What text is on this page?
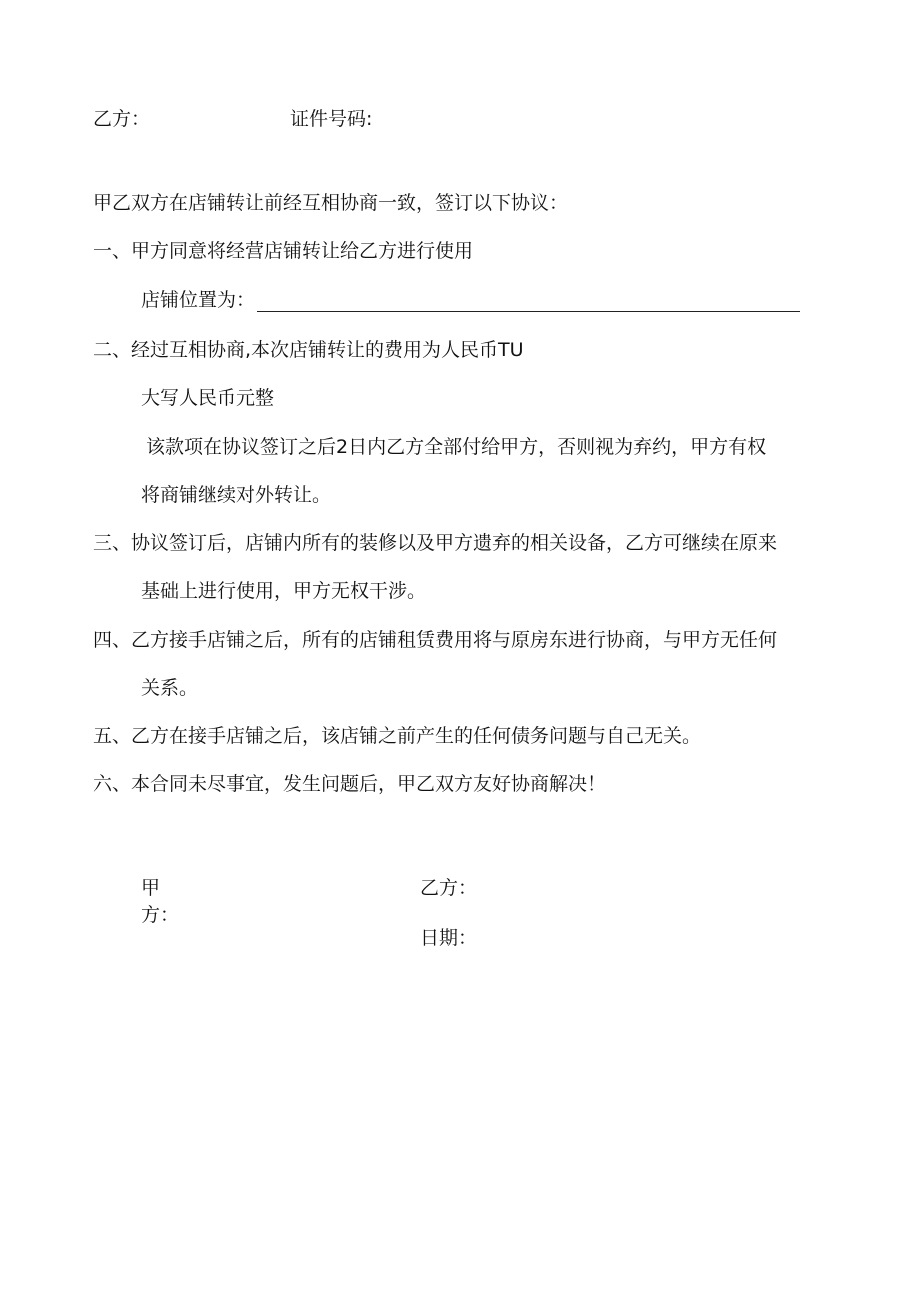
乙方：	证件号码:
甲乙双方在店铺转让前经互相协商一致，签订以下协议：
一、甲方同意将经营店铺转让给乙方进行使用
店铺位置为：
二、经过互相协商,本次店铺转让的费用为人民币TU
大写人民币元整
该款项在协议签订之后2日内乙方全部付给甲方，否则视为弃约，甲方有权
将商铺继续对外转让。
三、协议签订后，店铺内所有的装修以及甲方遗弃的相关设备，乙方可继续在原来
基础上进行使用，甲方无权干涉。
四、乙方接手店铺之后，所有的店铺租赁费用将与原房东进行协商，与甲方无任何
关系。
五、乙方在接手店铺之后，该店铺之前产生的任何债务问题与自己无关。
六、本合同未尽事宜，发生问题后，甲乙双方友好协商解决！
甲
方：
乙方：
日期：
